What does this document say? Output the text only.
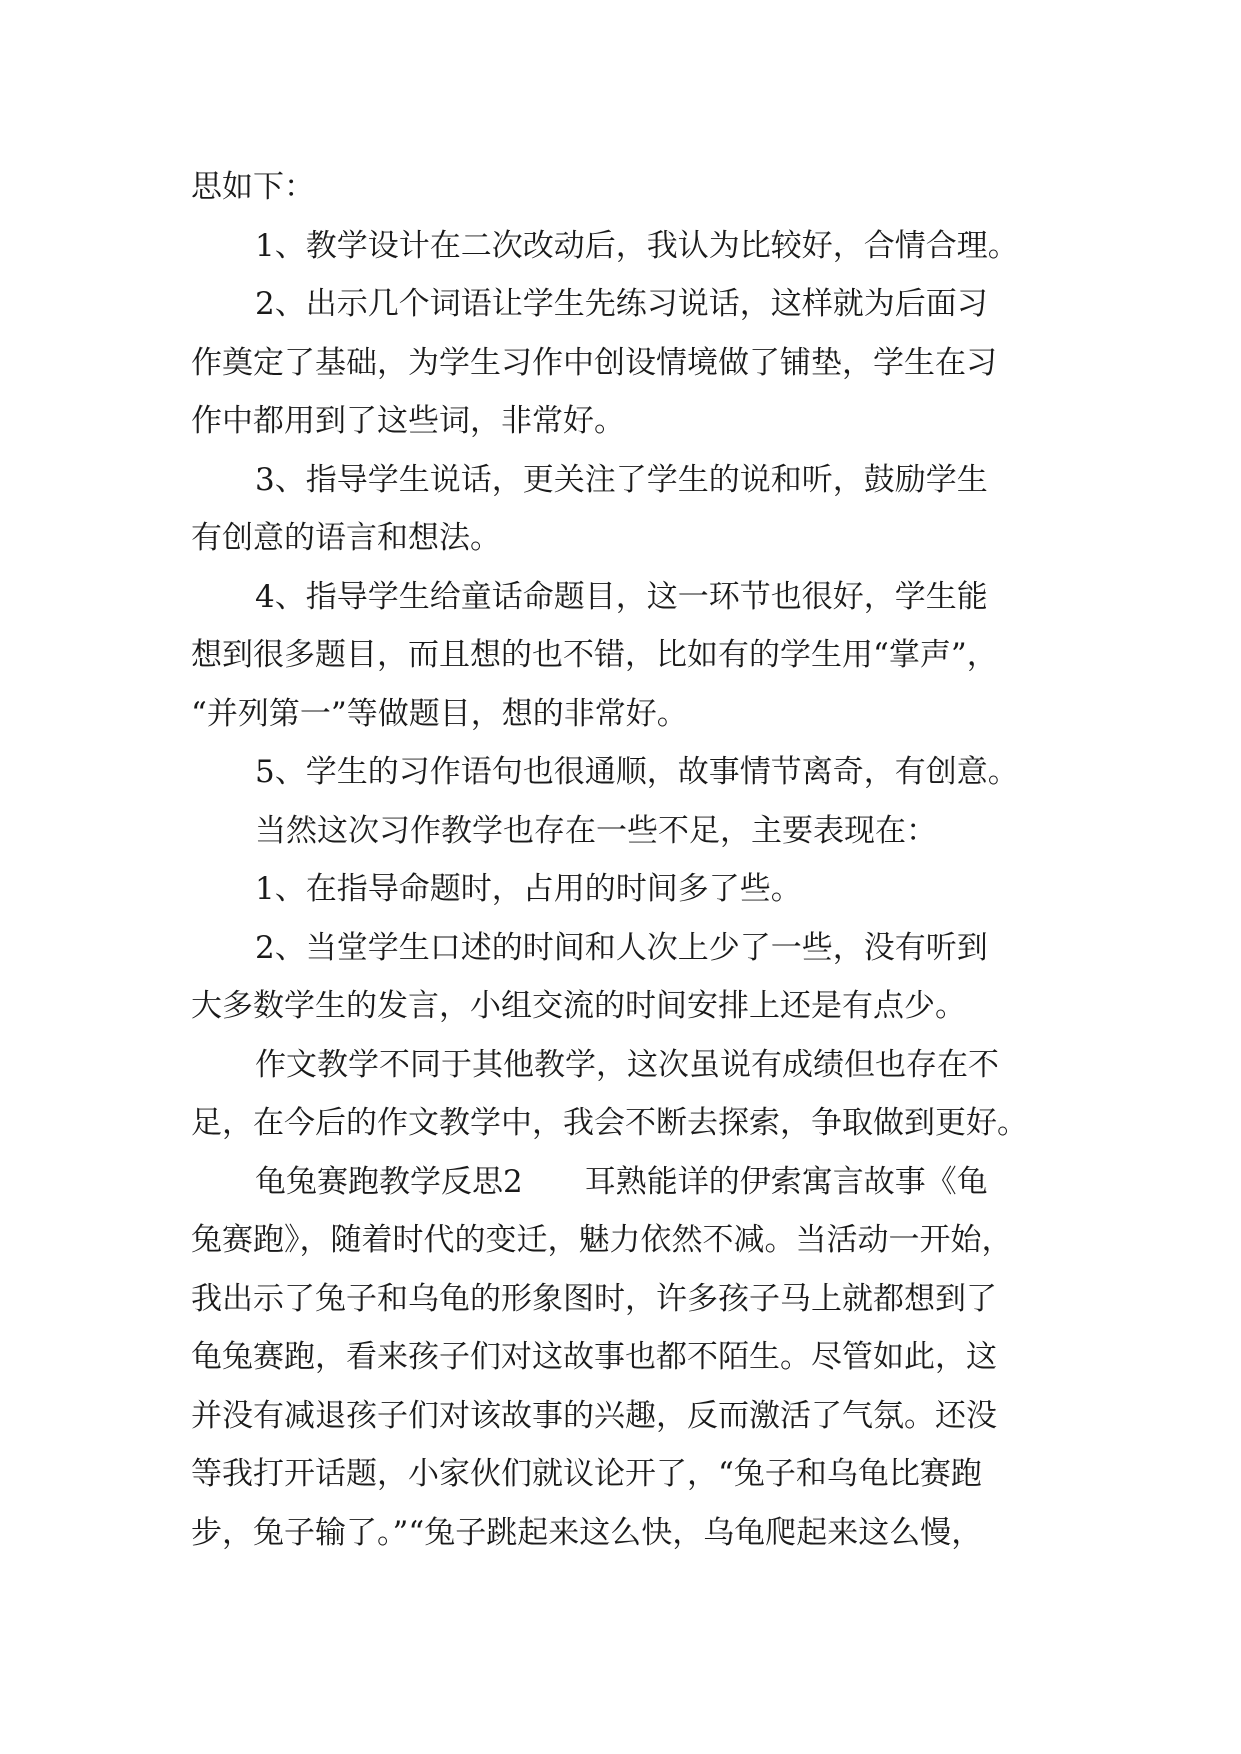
思如下：
1、教学设计在二次改动后，我认为比较好，合情合理。
2、出示几个词语让学生先练习说话，这样就为后面习
作奠定了基础，为学生习作中创设情境做了铺垫，学生在习
作中都用到了这些词，非常好。
3、指导学生说话，更关注了学生的说和听，鼓励学生
有创意的语言和想法。
4、指导学生给童话命题目，这一环节也很好，学生能
想到很多题目，而且想的也不错，比如有的学生用“掌声”，
“并列第一”等做题目，想的非常好。
5、学生的习作语句也很通顺，故事情节离奇，有创意。
当然这次习作教学也存在一些不足，主要表现在：
1、在指导命题时，占用的时间多了些。
2、当堂学生口述的时间和人次上少了一些，没有听到
大多数学生的发言，小组交流的时间安排上还是有点少。
作文教学不同于其他教学，这次虽说有成绩但也存在不
足，在今后的作文教学中，我会不断去探索，争取做到更好。
龟兔赛跑教学反思2　　耳熟能详的伊索寓言故事《龟
兔赛跑》，随着时代的变迁，魅力依然不减。当活动一开始，
我出示了兔子和乌龟的形象图时，许多孩子马上就都想到了
龟兔赛跑，看来孩子们对这故事也都不陌生。尽管如此，这
并没有减退孩子们对该故事的兴趣，反而激活了气氛。还没
等我打开话题，小家伙们就议论开了，“兔子和乌龟比赛跑
步，兔子输了。”“兔子跳起来这么快，乌龟爬起来这么慢，
